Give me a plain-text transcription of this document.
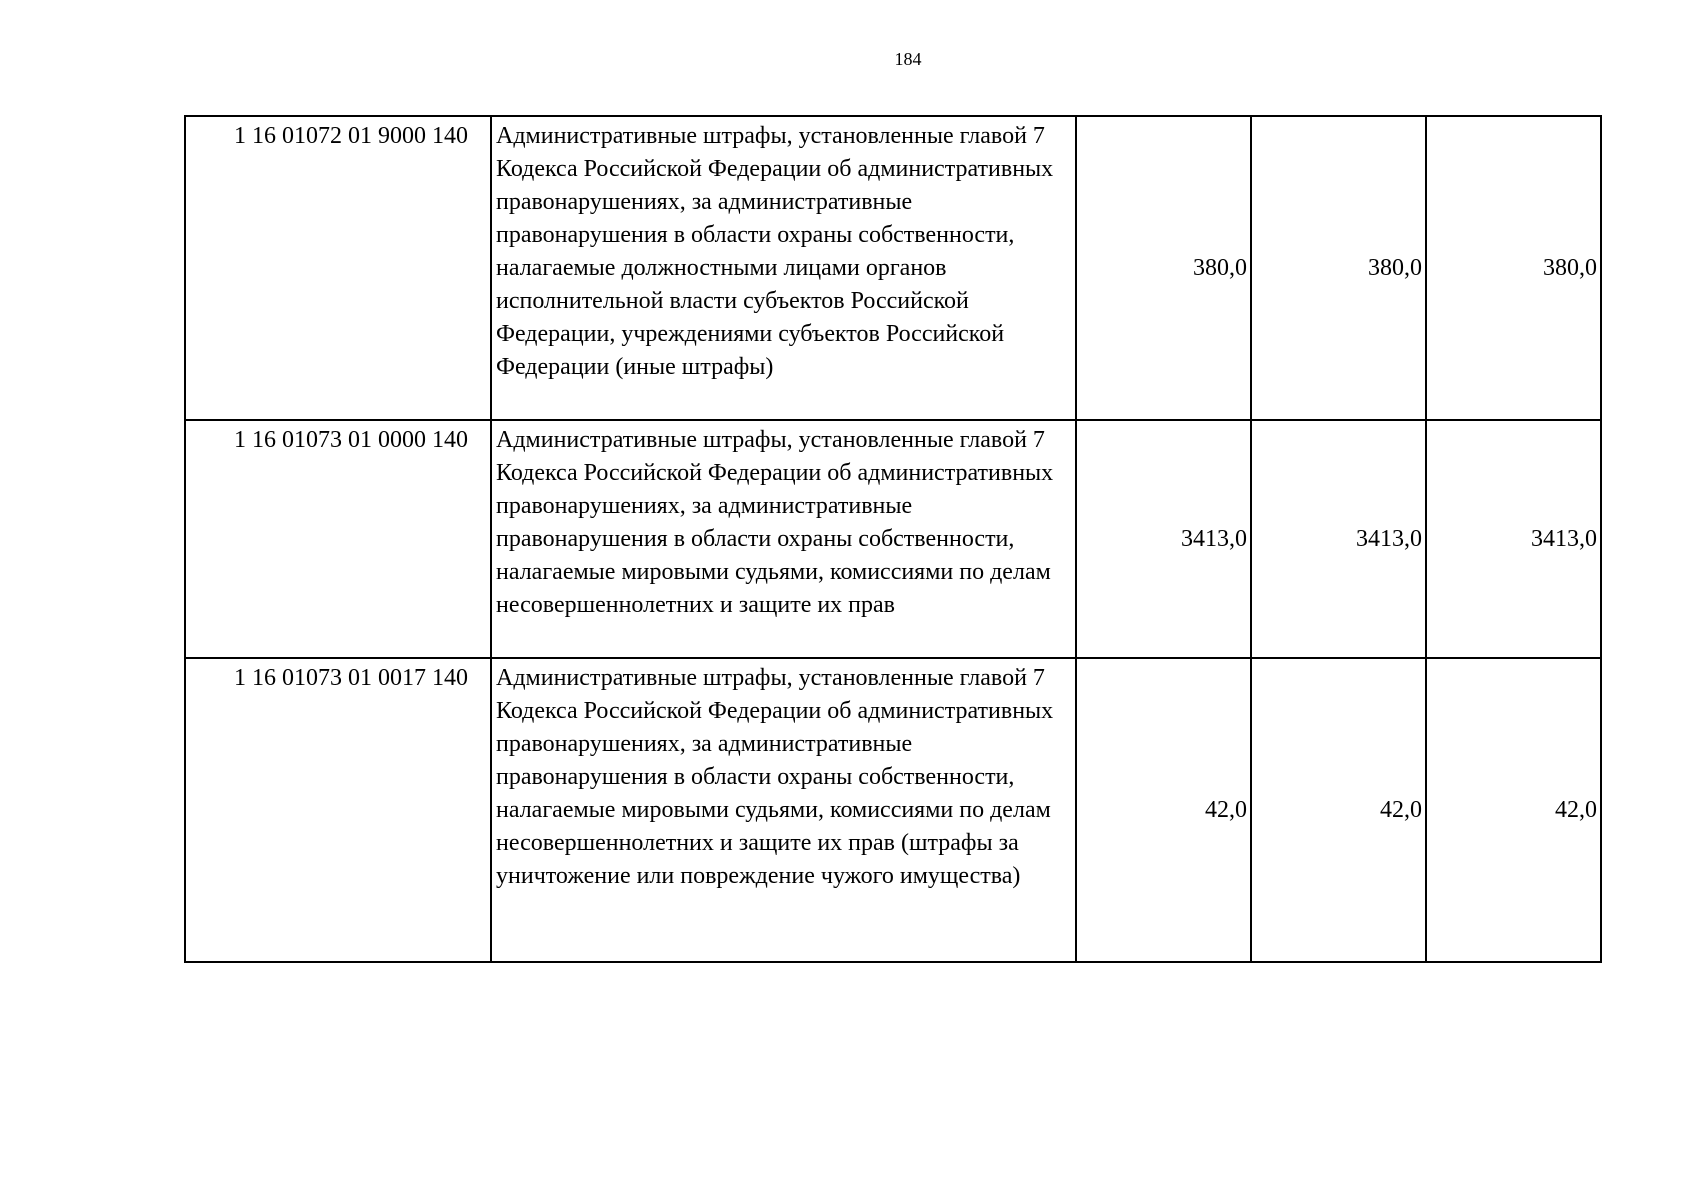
184
1 16 01072 01 9000 140	Административные штрафы, установленные главой 7 Кодекса Российской Федерации об административных правонарушениях, за административные правонарушения в области охраны собственности, налагаемые должностными лицами органов исполнительной власти субъектов Российской Федерации, учреждениями субъектов Российской Федерации (иные штрафы)	380,0	380,0	380,0
1 16 01073 01 0000 140	Административные штрафы, установленные главой 7 Кодекса Российской Федерации об административных правонарушениях, за административные правонарушения в области охраны собственности, налагаемые мировыми судьями, комиссиями по делам несовершеннолетних и защите их прав	3413,0	3413,0	3413,0
1 16 01073 01 0017 140	Административные штрафы, установленные главой 7 Кодекса Российской Федерации об административных правонарушениях, за административные правонарушения в области охраны собственности, налагаемые мировыми судьями, комиссиями по делам несовершеннолетних и защите их прав (штрафы за уничтожение или повреждение чужого имущества)	42,0	42,0	42,0
